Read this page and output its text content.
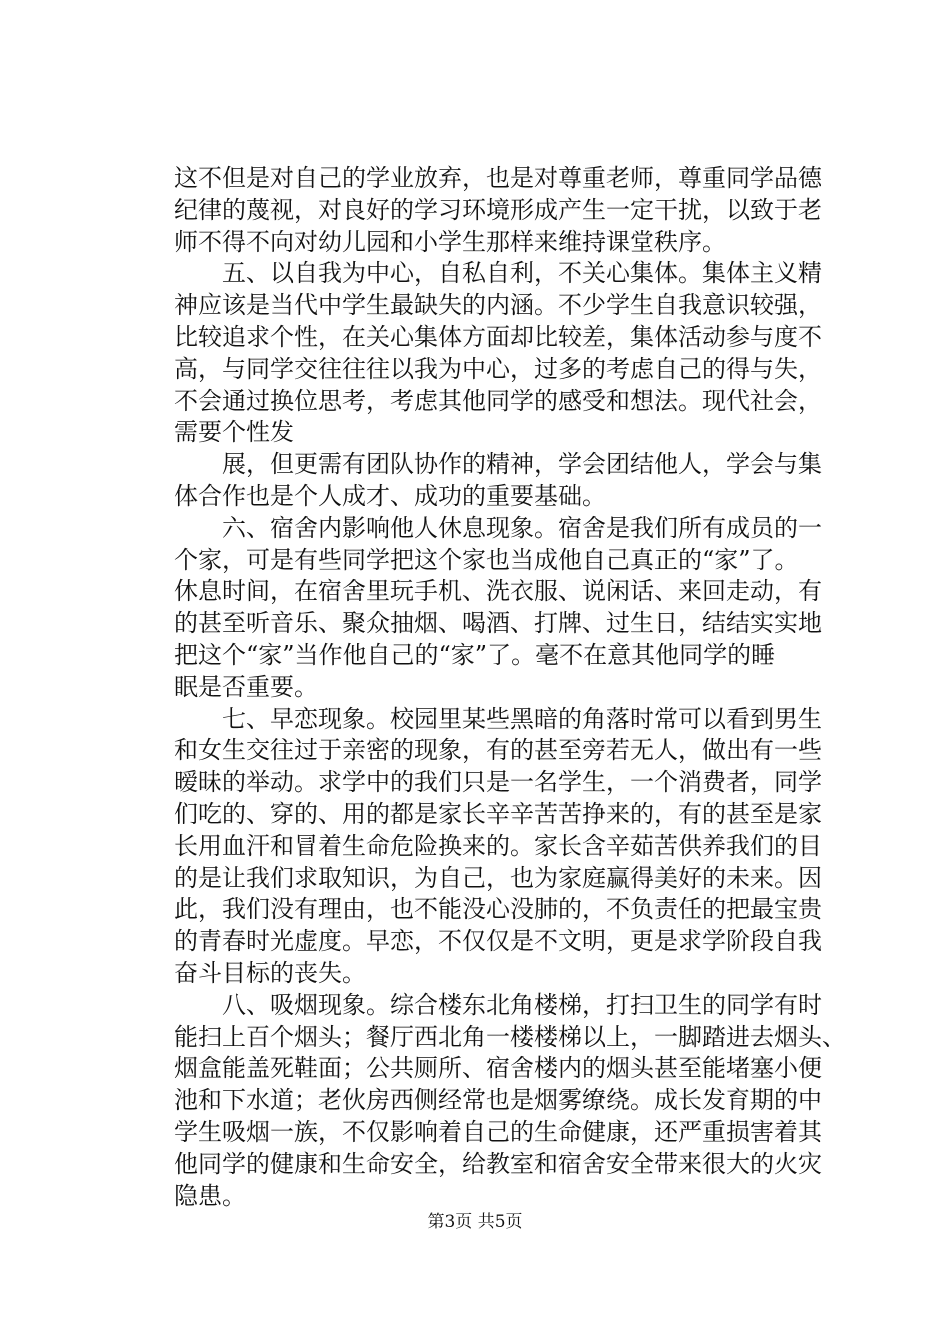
这不但是对自己的学业放弃，也是对尊重老师，尊重同学品德
纪律的蔑视，对良好的学习环境形成产生一定干扰，以致于老
师不得不向对幼儿园和小学生那样来维持课堂秩序。
五、以自我为中心，自私自利，不关心集体。集体主义精
神应该是当代中学生最缺失的内涵。不少学生自我意识较强，
比较追求个性，在关心集体方面却比较差，集体活动参与度不
高，与同学交往往往以我为中心，过多的考虑自己的得与失，
不会通过换位思考，考虑其他同学的感受和想法。现代社会，
需要个性发
展，但更需有团队协作的精神，学会团结他人，学会与集
体合作也是个人成才、成功的重要基础。
六、宿舍内影响他人休息现象。宿舍是我们所有成员的一
个家，可是有些同学把这个家也当成他自己真正的“家”了。
休息时间，在宿舍里玩手机、洗衣服、说闲话、来回走动，有
的甚至听音乐、聚众抽烟、喝酒、打牌、过生日，结结实实地
把这个“家”当作他自己的“家”了。毫不在意其他同学的睡
眠是否重要。
七、早恋现象。校园里某些黑暗的角落时常可以看到男生
和女生交往过于亲密的现象，有的甚至旁若无人，做出有一些
暧昧的举动。求学中的我们只是一名学生，一个消费者，同学
们吃的、穿的、用的都是家长辛辛苦苦挣来的，有的甚至是家
长用血汗和冒着生命危险换来的。家长含辛茹苦供养我们的目
的是让我们求取知识，为自己，也为家庭赢得美好的未来。因
此，我们没有理由，也不能没心没肺的，不负责任的把最宝贵
的青春时光虚度。早恋，不仅仅是不文明，更是求学阶段自我
奋斗目标的丧失。
八、吸烟现象。综合楼东北角楼梯，打扫卫生的同学有时
能扫上百个烟头；餐厅西北角一楼楼梯以上，一脚踏进去烟头、
烟盒能盖死鞋面；公共厕所、宿舍楼内的烟头甚至能堵塞小便
池和下水道；老伙房西侧经常也是烟雾缭绕。成长发育期的中
学生吸烟一族，不仅影响着自己的生命健康，还严重损害着其
他同学的健康和生命安全，给教室和宿舍安全带来很大的火灾
隐患。
第3页 共5页
